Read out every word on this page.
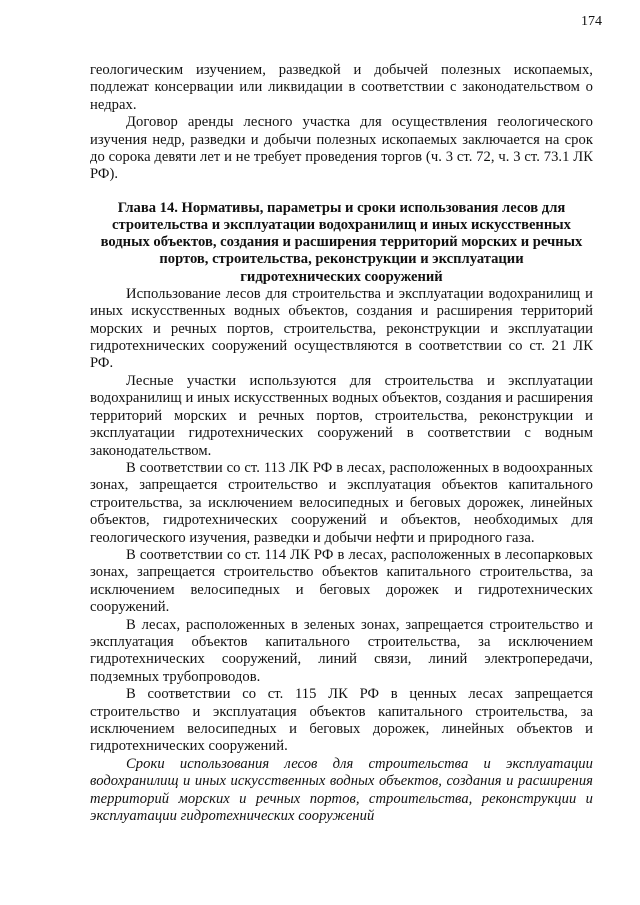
174

геологическим изучением, разведкой и добычей полезных ископаемых, подлежат консервации или ликвидации в соответствии с законодательством о недрах.

Договор аренды лесного участка для осуществления геологического изучения недр, разведки и добычи полезных ископаемых заключается на срок до сорока девяти лет и не требует проведения торгов (ч. 3 ст. 72, ч. 3 ст. 73.1 ЛК РФ).

Глава 14. Нормативы, параметры и сроки использования лесов для строительства и эксплуатации водохранилищ и иных искусственных водных объектов, создания и расширения территорий морских и речных портов, строительства, реконструкции и эксплуатации гидротехнических сооружений

Использование лесов для строительства и эксплуатации водохранилищ и иных искусственных водных объектов, создания и расширения территорий морских и речных портов, строительства, реконструкции и эксплуатации гидротехнических сооружений осуществляются в соответствии со ст. 21 ЛК РФ.

Лесные участки используются для строительства и эксплуатации водохранилищ и иных искусственных водных объектов, создания и расширения территорий морских и речных портов, строительства, реконструкции и эксплуатации гидротехнических сооружений в соответствии с водным законодательством.

В соответствии со ст. 113 ЛК РФ в лесах, расположенных в водоохранных зонах, запрещается строительство и эксплуатация объектов капитального строительства, за исключением велосипедных и беговых дорожек, линейных объектов, гидротехнических сооружений и объектов, необходимых для геологического изучения, разведки и добычи нефти и природного газа.

В соответствии со ст. 114 ЛК РФ в лесах, расположенных в лесопарковых зонах, запрещается строительство объектов капитального строительства, за исключением велосипедных и беговых дорожек и гидротехнических сооружений.

В лесах, расположенных в зеленых зонах, запрещается строительство и эксплуатация объектов капитального строительства, за исключением гидротехнических сооружений, линий связи, линий электропередачи, подземных трубопроводов.

В соответствии со ст. 115 ЛК РФ в ценных лесах запрещается строительство и эксплуатация объектов капитального строительства, за исключением велосипедных и беговых дорожек, линейных объектов и гидротехнических сооружений.

Сроки использования лесов для строительства и эксплуатации водохранилищ и иных искусственных водных объектов, создания и расширения территорий морских и речных портов, строительства, реконструкции и эксплуатации гидротехнических сооружений
